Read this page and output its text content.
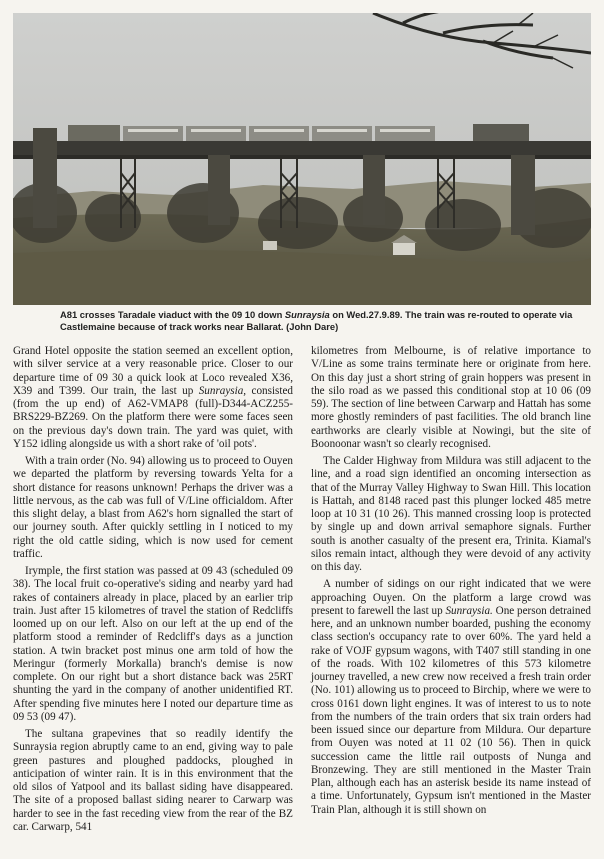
A81 crosses Taradale viaduct with the 09 10 down Sunraysia on Wed.27.9.89. The train was re-routed to operate via Castlemaine because of track works near Ballarat. (John Dare)

Grand Hotel opposite the station seemed an excellent option, with silver service at a very reasonable price. Closer to our departure time of 09 30 a quick look at Loco revealed X36, X39 and T399. Our train, the last up Sunraysia, consisted (from the up end) of A62-VMAP8 (full)-D344-ACZ255-BRS229-BZ269. On the platform there were some faces seen on the previous day's down train. The yard was quiet, with Y152 idling alongside us with a short rake of 'oil pots'.

With a train order (No. 94) allowing us to proceed to Ouyen we departed the platform by reversing towards Yelta for a short distance for reasons unknown! Perhaps the driver was a little nervous, as the cab was full of V/Line officialdom. After this slight delay, a blast from A62's horn signalled the start of our journey south. After quickly settling in I noticed to my right the old cattle siding, which is now used for cement traffic.

Irymple, the first station was passed at 09 43 (scheduled 09 38). The local fruit co-operative's siding and nearby yard had rakes of containers already in place, placed by an earlier trip train. Just after 15 kilometres of travel the station of Redcliffs loomed up on our left. Also on our left at the up end of the platform stood a reminder of Redcliff's days as a junction station. A twin bracket post minus one arm told of how the Meringur (formerly Morkalla) branch's demise is now complete. On our right but a short distance back was 25RT shunting the yard in the company of another unidentified RT. After spending five minutes here I noted our departure time as 09 53 (09 47).

The sultana grapevines that so readily identify the Sunraysia region abruptly came to an end, giving way to pale green pastures and ploughed paddocks, ploughed in anticipation of winter rain. It is in this environment that the old silos of Yatpool and its ballast siding have disappeared. The site of a proposed ballast siding nearer to Carwarp was harder to see in the fast receding view from the rear of the BZ car. Carwarp, 541

kilometres from Melbourne, is of relative importance to V/Line as some trains terminate here or originate from here. On this day just a short string of grain hoppers was present in the silo road as we passed this conditional stop at 10 06 (09 59). The section of line between Carwarp and Hattah has some more ghostly reminders of past facilities. The old branch line earthworks are clearly visible at Nowingi, but the site of Boonoonar wasn't so clearly recognised.

The Calder Highway from Mildura was still adjacent to the line, and a road sign identified an oncoming intersection as that of the Murray Valley Highway to Swan Hill. This location is Hattah, and 8148 raced past this plunger locked 485 metre loop at 10 31 (10 26). This manned crossing loop is protected by single up and down arrival semaphore signals. Further south is another casualty of the present era, Trinita. Kiamal's silos remain intact, although they were devoid of any activity on this day.

A number of sidings on our right indicated that we were approaching Ouyen. On the platform a large crowd was present to farewell the last up Sunraysia. One person detrained here, and an unknown number boarded, pushing the economy class section's occupancy rate to over 60%. The yard held a rake of VOJF gypsum wagons, with T407 still standing in one of the roads. With 102 kilometres of this 573 kilometre journey travelled, a new crew now received a fresh train order (No. 101) allowing us to proceed to Birchip, where we were to cross 0161 down light engines. It was of interest to us to note from the numbers of the train orders that six train orders had been issued since our departure from Mildura. Our departure from Ouyen was noted at 11 02 (10 56). Then in quick succession came the little rail outposts of Nunga and Bronzewing. They are still mentioned in the Master Train Plan, although each has an asterisk beside its name instead of a time. Unfortunately, Gypsum isn't mentioned in the Master Train Plan, although it is still shown on
